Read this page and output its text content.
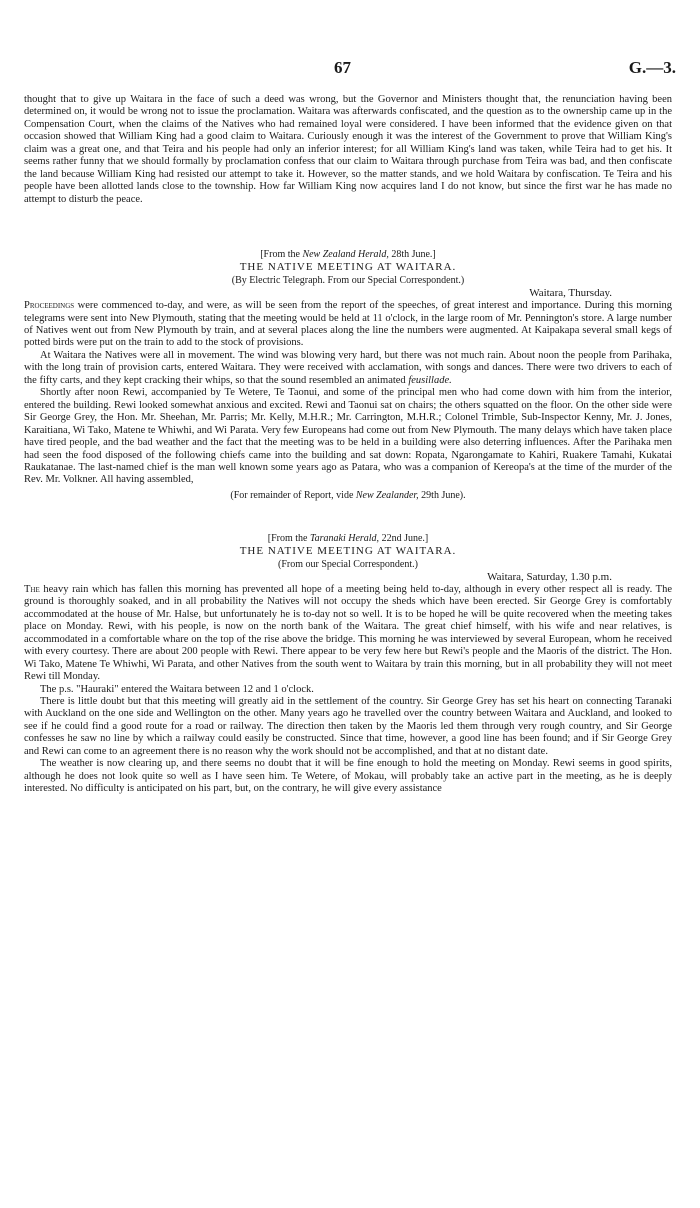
67	G.—3.

thought that to give up Waitara in the face of such a deed was wrong, but the Governor and Ministers thought that, the renunciation having been determined on, it would be wrong not to issue the proclamation. Waitara was afterwards confiscated, and the question as to the ownership came up in the Compensation Court, when the claims of the Natives who had remained loyal were considered. I have been informed that the evidence given on that occasion showed that William King had a good claim to Waitara. Curiously enough it was the interest of the Government to prove that William King's claim was a great one, and that Teira and his people had only an inferior interest; for all William King's land was taken, while Teira had to get his. It seems rather funny that we should formally by proclamation confess that our claim to Waitara through purchase from Teira was bad, and then confiscate the land because William King had resisted our attempt to take it. However, so the matter stands, and we hold Waitara by confiscation. Te Teira and his people have been allotted lands close to the township. How far William King now acquires land I do not know, but since the first war he has made no attempt to disturb the peace.

[From the New Zealand Herald, 28th June.]
THE NATIVE MEETING AT WAITARA.
(By Electric Telegraph. From our Special Correspondent.)
Waitara, Thursday.

Proceedings were commenced to-day, and were, as will be seen from the report of the speeches, of great interest and importance. During this morning telegrams were sent into New Plymouth, stating that the meeting would be held at 11 o'clock, in the large room of Mr. Pennington's store. A large number of Natives went out from New Plymouth by train, and at several places along the line the numbers were augmented. At Kaipakapa several small kegs of potted birds were put on the train to add to the stock of provisions.

At Waitara the Natives were all in movement. The wind was blowing very hard, but there was not much rain. About noon the people from Parihaka, with the long train of provision carts, entered Waitara. They were received with acclamation, with songs and dances. There were two drivers to each of the fifty carts, and they kept cracking their whips, so that the sound resembled an animated feusillade.

Shortly after noon Rewi, accompanied by Te Wetere, Te Taonui, and some of the principal men who had come down with him from the interior, entered the building. Rewi looked somewhat anxious and excited. Rewi and Taonui sat on chairs; the others squatted on the floor. On the other side were Sir George Grey, the Hon. Mr. Sheehan, Mr. Parris; Mr. Kelly, M.H.R.; Mr. Carrington, M.H.R.; Colonel Trimble, Sub-Inspector Kenny, Mr. J. Jones, Karaitiana, Wi Tako, Matene te Whiwhi, and Wi Parata. Very few Europeans had come out from New Plymouth. The many delays which have taken place have tired people, and the bad weather and the fact that the meeting was to be held in a building were also deterring influences. After the Parihaka men had seen the food disposed of the following chiefs came into the building and sat down: Ropata, Ngarongamate to Kahiri, Ruakere Tamahi, Kukatai Raukatanae. The last-named chief is the man well known some years ago as Patara, who was a companion of Kereopa's at the time of the murder of the Rev. Mr. Volkner. All having assembled,

(For remainder of Report, vide New Zealander, 29th June).
[From the Taranaki Herald, 22nd June.]
THE NATIVE MEETING AT WAITARA.
(From our Special Correspondent.)
Waitara, Saturday, 1.30 p.m.

The heavy rain which has fallen this morning has prevented all hope of a meeting being held to-day, although in every other respect all is ready. The ground is thoroughly soaked, and in all probability the Natives will not occupy the sheds which have been erected. Sir George Grey is comfortably accommodated at the house of Mr. Halse, but unfortunately he is to-day not so well. It is to be hoped he will be quite recovered when the meeting takes place on Monday. Rewi, with his people, is now on the north bank of the Waitara. The great chief himself, with his wife and near relatives, is accommodated in a comfortable whare on the top of the rise above the bridge. This morning he was interviewed by several European, whom he received with every courtesy. There are about 200 people with Rewi. There appear to be very few here but Rewi's people and the Maoris of the district. The Hon. Wi Tako, Matene Te Whiwhi, Wi Parata, and other Natives from the south went to Waitara by train this morning, but in all probability they will not meet Rewi till Monday.

The p.s. "Hauraki" entered the Waitara between 12 and 1 o'clock.

There is little doubt but that this meeting will greatly aid in the settlement of the country. Sir George Grey has set his heart on connecting Taranaki with Auckland on the one side and Wellington on the other. Many years ago he travelled over the country between Waitara and Auckland, and looked to see if he could find a good route for a road or railway. The direction then taken by the Maoris led them through very rough country, and Sir George confesses he saw no line by which a railway could easily be constructed. Since that time, however, a good line has been found; and if Sir George Grey and Rewi can come to an agreement there is no reason why the work should not be accomplished, and that at no distant date.

The weather is now clearing up, and there seems no doubt that it will be fine enough to hold the meeting on Monday. Rewi seems in good spirits, although he does not look quite so well as I have seen him. Te Wetere, of Mokau, will probably take an active part in the meeting, as he is deeply interested. No difficulty is anticipated on his part, but, on the contrary, he will give every assistance
